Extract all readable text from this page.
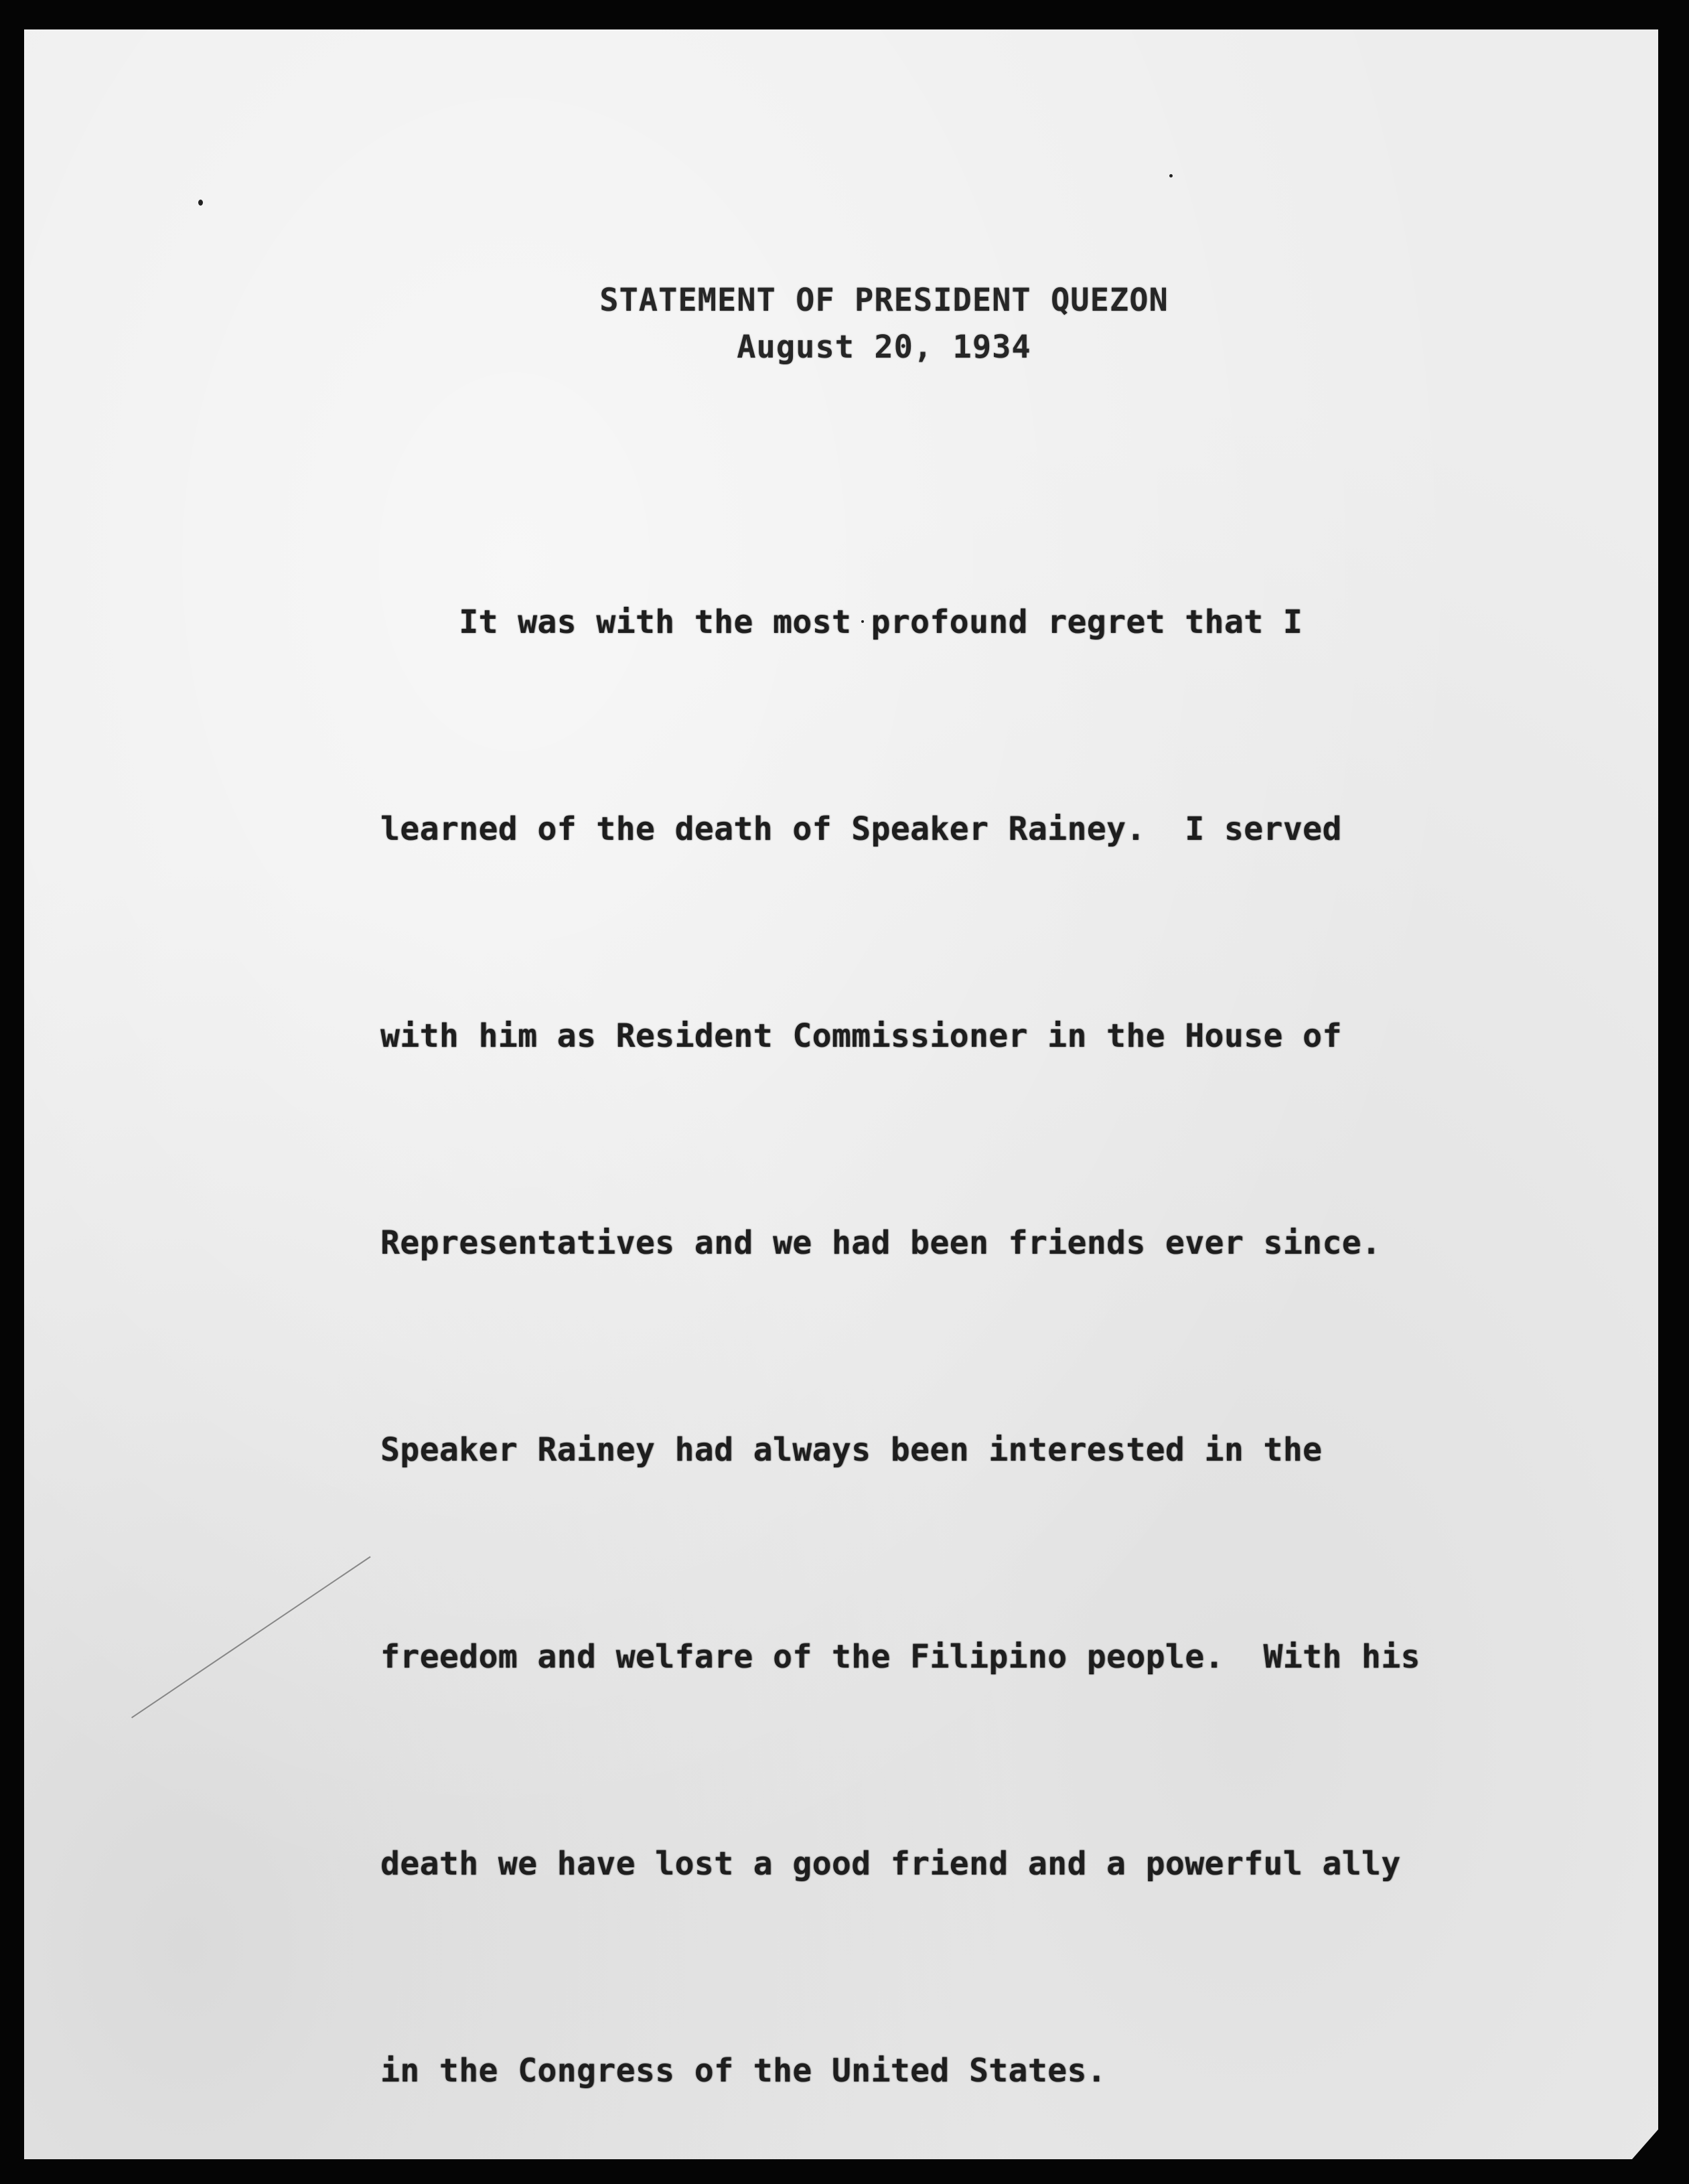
STATEMENT OF PRESIDENT QUEZON
August 20, 1934

It was with the most profound regret that I

learned of the death of Speaker Rainey.  I served

with him as Resident Commissioner in the House of

Representatives and we had been friends ever since.

Speaker Rainey had always been interested in the

freedom and welfare of the Filipino people.  With his

death we have lost a good friend and a powerful ally

in the Congress of the United States.
